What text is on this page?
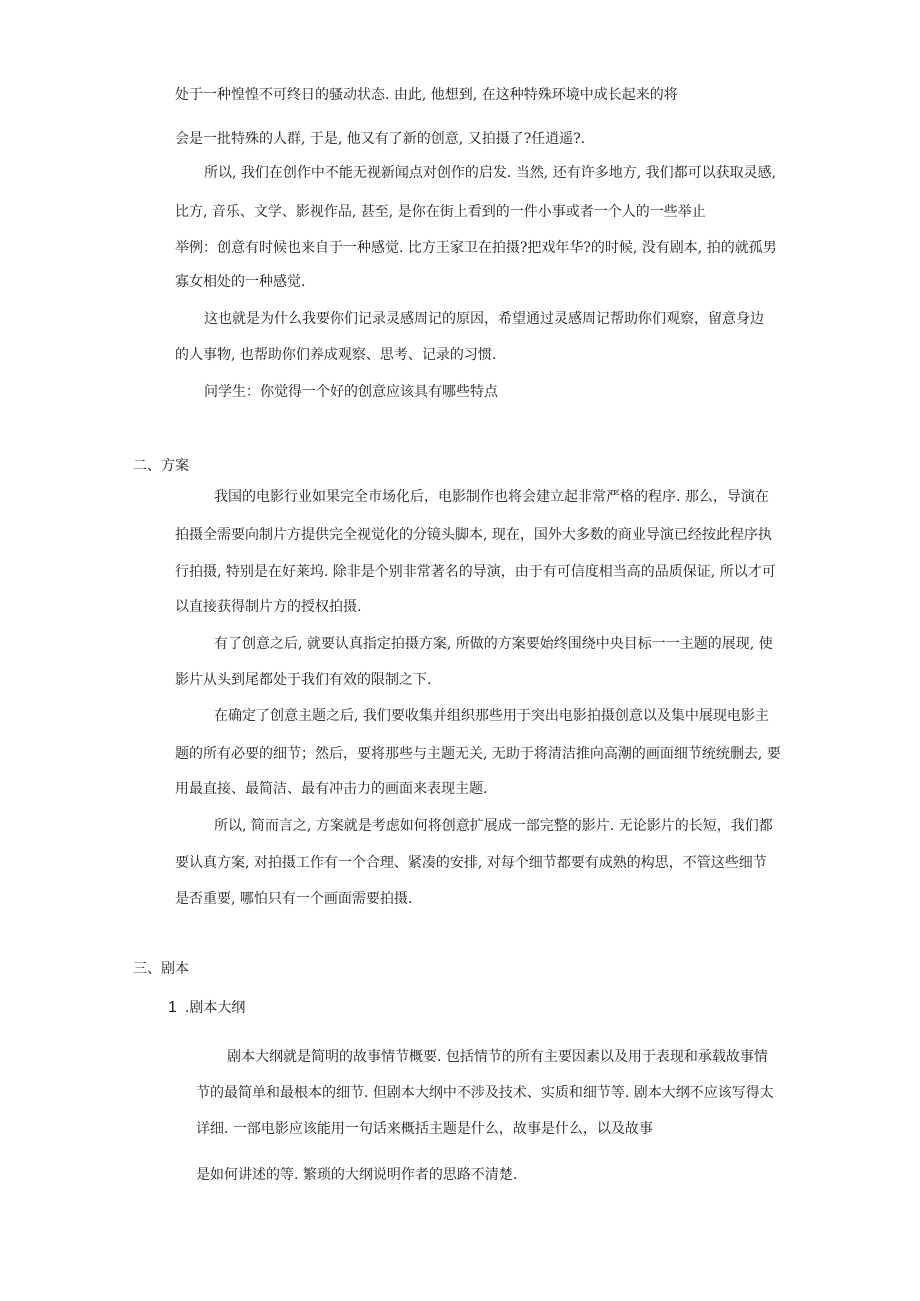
处于一种惶惶不可终日的骚动状态. 由此, 他想到, 在这种特殊环境中成长起来的将
会是一批特殊的人群, 于是, 他又有了新的创意, 又拍摄了?任逍遥?.
所以, 我们在创作中不能无视新闻点对创作的启发. 当然, 还有许多地方, 我们都可以获取灵感,
比方, 音乐、文学、影视作品, 甚至, 是你在街上看到的一件小事或者一个人的一些举止
举例：创意有时候也来自于一种感觉. 比方王家卫在拍摄?把戏年华?的时候, 没有剧本, 拍的就孤男
寡女相处的一种感觉.
这也就是为什么我要你们记录灵感周记的原因，希望通过灵感周记帮助你们观察，留意身边
的人事物, 也帮助你们养成观察、思考、记录的习惯.
问学生：你觉得一个好的创意应该具有哪些特点
二、方案
我国的电影行业如果完全市场化后，电影制作也将会建立起非常严格的程序. 那么，导演在
拍摄全需要向制片方提供完全视觉化的分镜头脚本, 现在，国外大多数的商业导演已经按此程序执
行拍摄, 特别是在好莱坞. 除非是个别非常著名的导演，由于有可信度相当高的品质保证, 所以才可
以直接获得制片方的授权拍摄.
有了创意之后, 就要认真指定拍摄方案, 所做的方案要始终围绕中央目标一一主题的展现, 使
影片从头到尾都处于我们有效的限制之下.
在确定了创意主题之后, 我们要收集并组织那些用于突出电影拍摄创意以及集中展现电影主
题的所有必要的细节；然后，要将那些与主题无关, 无助于将清洁推向高潮的画面细节统统删去, 要
用最直接、最简洁、最有冲击力的画面来表现主题.
所以, 简而言之, 方案就是考虑如何将创意扩展成一部完整的影片. 无论影片的长短，我们都
要认真方案, 对拍摄工作有一个合理、紧凑的安排, 对每个细节都要有成熟的构思，不管这些细节
是否重要, 哪怕只有一个画面需要拍摄.
三、剧本
1 .剧本大纲
剧本大纲就是简明的故事情节概要. 包括情节的所有主要因素以及用于表现和承载故事情
节的最简单和最根本的细节. 但剧本大纲中不涉及技术、实质和细节等. 剧本大纲不应该写得太
详细. 一部电影应该能用一句话来概括主题是什么，故事是什么，以及故事
是如何讲述的等. 繁琐的大纲说明作者的思路不清楚.
